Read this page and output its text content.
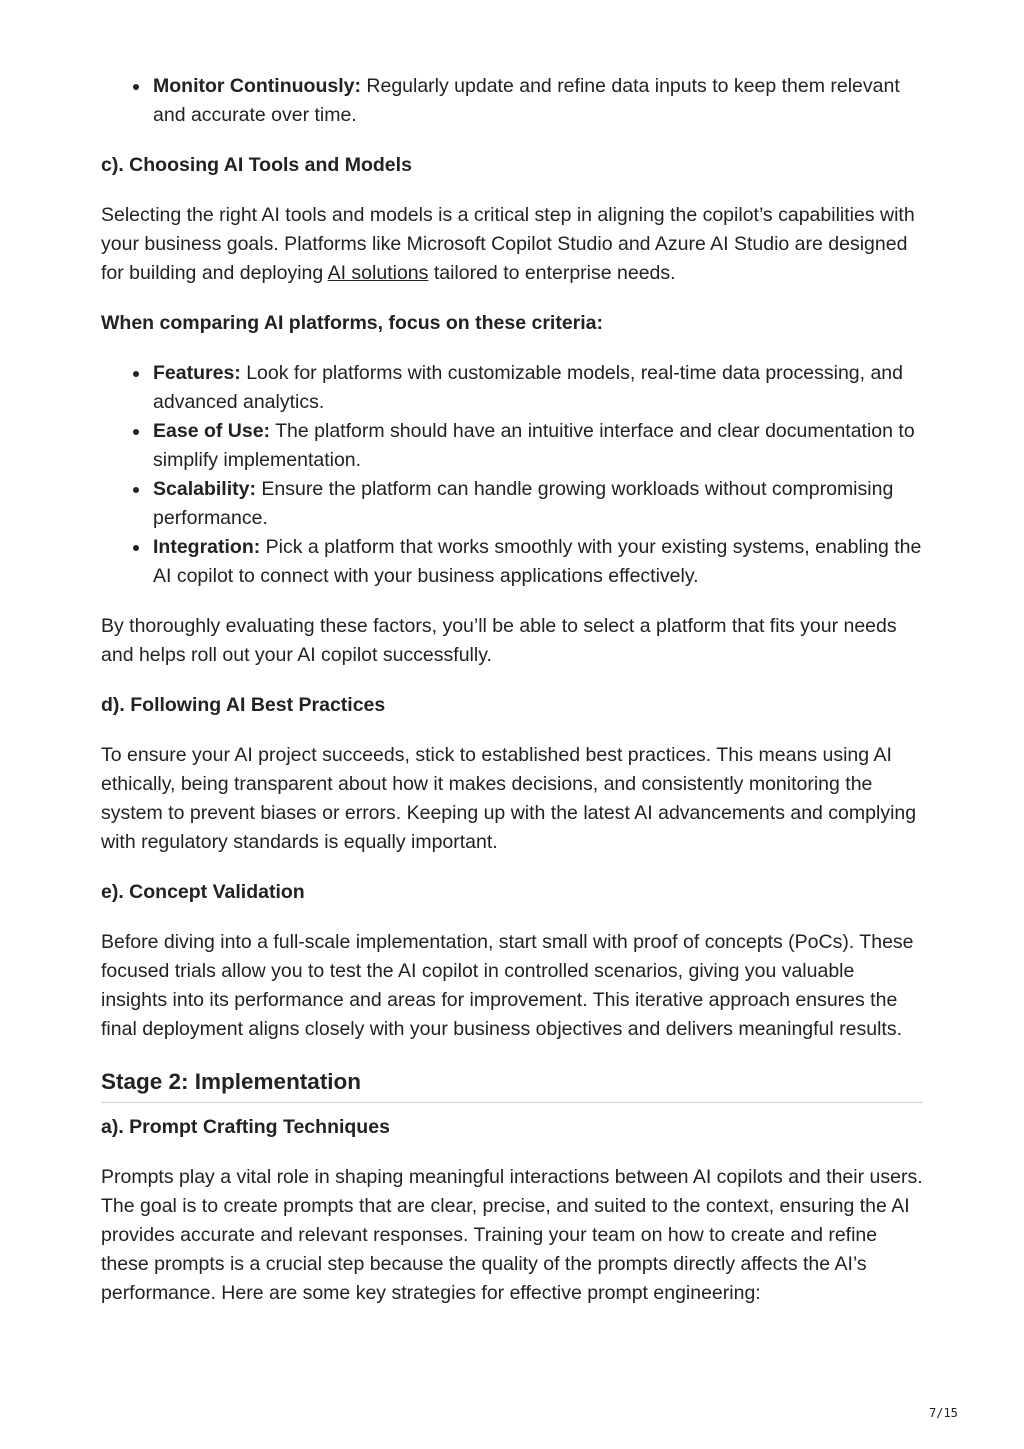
Monitor Continuously: Regularly update and refine data inputs to keep them relevant and accurate over time.
c). Choosing AI Tools and Models

Selecting the right AI tools and models is a critical step in aligning the copilot’s capabilities with your business goals. Platforms like Microsoft Copilot Studio and Azure AI Studio are designed for building and deploying AI solutions tailored to enterprise needs.

When comparing AI platforms, focus on these criteria:
Features: Look for platforms with customizable models, real-time data processing, and advanced analytics.
Ease of Use: The platform should have an intuitive interface and clear documentation to simplify implementation.
Scalability: Ensure the platform can handle growing workloads without compromising performance.
Integration: Pick a platform that works smoothly with your existing systems, enabling the AI copilot to connect with your business applications effectively.

By thoroughly evaluating these factors, you’ll be able to select a platform that fits your needs and helps roll out your AI copilot successfully.

d). Following AI Best Practices

To ensure your AI project succeeds, stick to established best practices. This means using AI ethically, being transparent about how it makes decisions, and consistently monitoring the system to prevent biases or errors. Keeping up with the latest AI advancements and complying with regulatory standards is equally important.

e). Concept Validation

Before diving into a full-scale implementation, start small with proof of concepts (PoCs). These focused trials allow you to test the AI copilot in controlled scenarios, giving you valuable insights into its performance and areas for improvement. This iterative approach ensures the final deployment aligns closely with your business objectives and delivers meaningful results.

Stage 2: Implementation
a). Prompt Crafting Techniques

Prompts play a vital role in shaping meaningful interactions between AI copilots and their users. The goal is to create prompts that are clear, precise, and suited to the context, ensuring the AI provides accurate and relevant responses. Training your team on how to create and refine these prompts is a crucial step because the quality of the prompts directly affects the AI’s performance. Here are some key strategies for effective prompt engineering:

7/15
